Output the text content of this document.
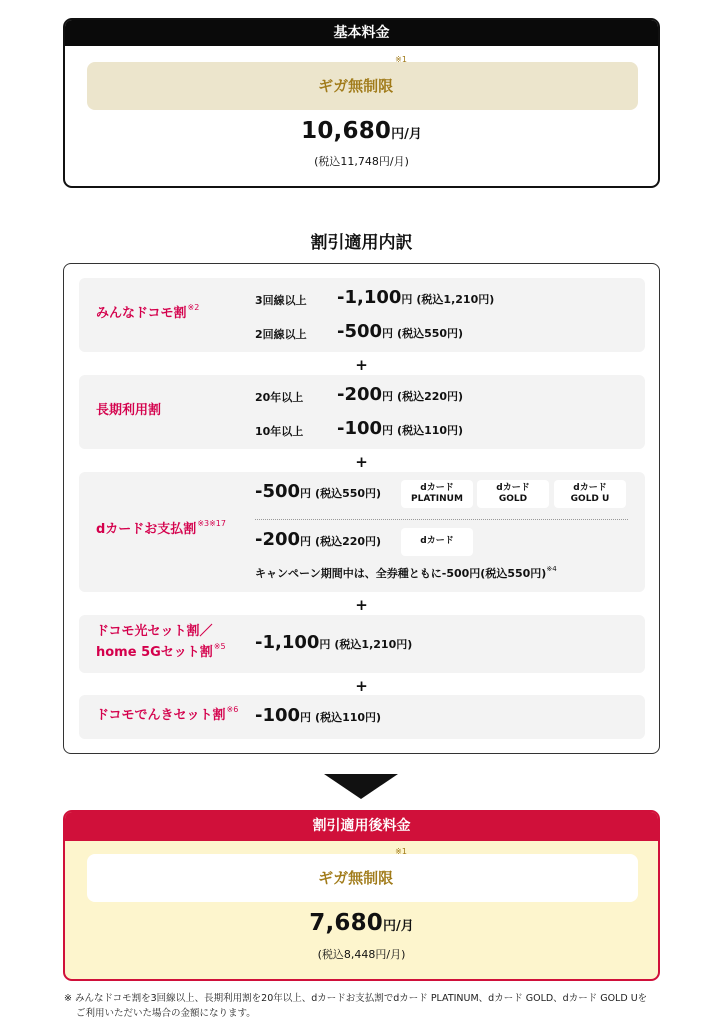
基本料金
ギガ無制限$^{※1}$
10,680円/月
(税込11,748円/月)
割引適用内訳
みんなドコモ割$^{※2}$
3回線以上 -1,100円 (税込1,210円)
2回線以上 -500円 (税込550円)
+
長期利用割
20年以上 -200円 (税込220円)
10年以上 -100円 (税込110円)
+
dカードお支払割$^{※3※17}$
-500円 (税込550円)	dカード
PLATINUM
dカード
GOLD
dカード
GOLD U
-200円 (税込220円)	dカード
キャンペーン期間中は、全券種ともに-500円(税込550円)$^{※4}$
+
ドコモ光セット割／
home 5Gセット割$^{※5}$ -1,100円 (税込1,210円)
+
ドコモでんきセット割$^{※6}$ -100円 (税込110円)
割引適用後料金
ギガ無制限$^{※1}$
7,680円/月
(税込8,448円/月)
※ みんなドコモ割を3回線以上、長期利用割を20年以上、dカードお支払割でdカード PLATINUM、dカード GOLD、dカード GOLD Uを
ご利用いただいた場合の金額になります。
